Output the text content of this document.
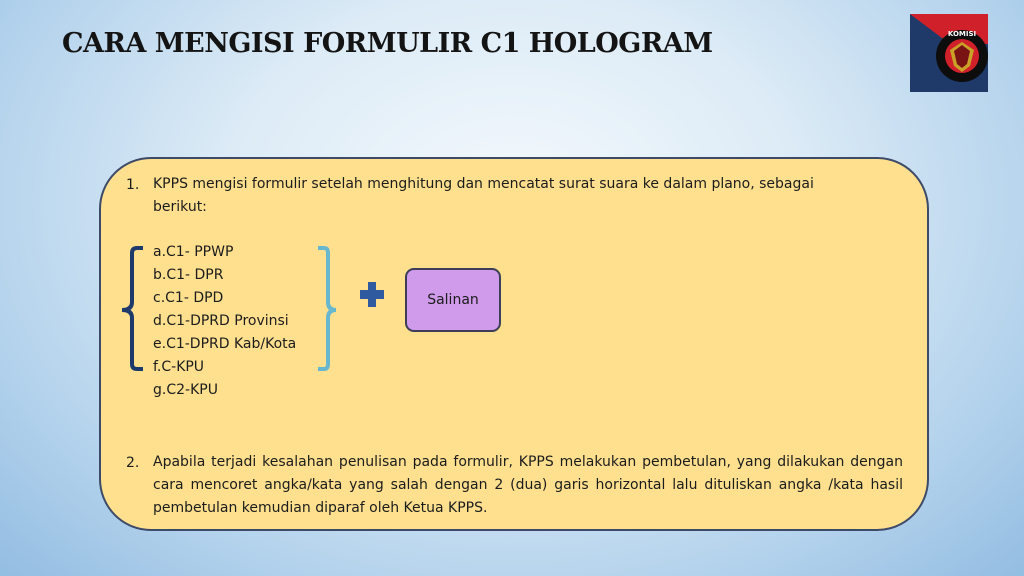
CARA MENGISI FORMULIR C1 HOLOGRAM	KOMISI
1. KPPS mengisi formulir setelah menghitung dan mencatat surat suara ke dalam plano, sebagai
berikut:
a.C1- PPWP
b.C1- DPR
c.C1- DPD
d.C1-DPRD Provinsi
e.C1-DPRD Kab/Kota
f.C-KPU
g.C2-KPU
Salinan
2. Apabila terjadi kesalahan penulisan pada formulir, KPPS melakukan pembetulan, yang dilakukan dengan cara mencoret angka/kata yang salah dengan 2 (dua) garis horizontal lalu dituliskan angka /kata hasil pembetulan kemudian diparaf oleh Ketua KPPS.
